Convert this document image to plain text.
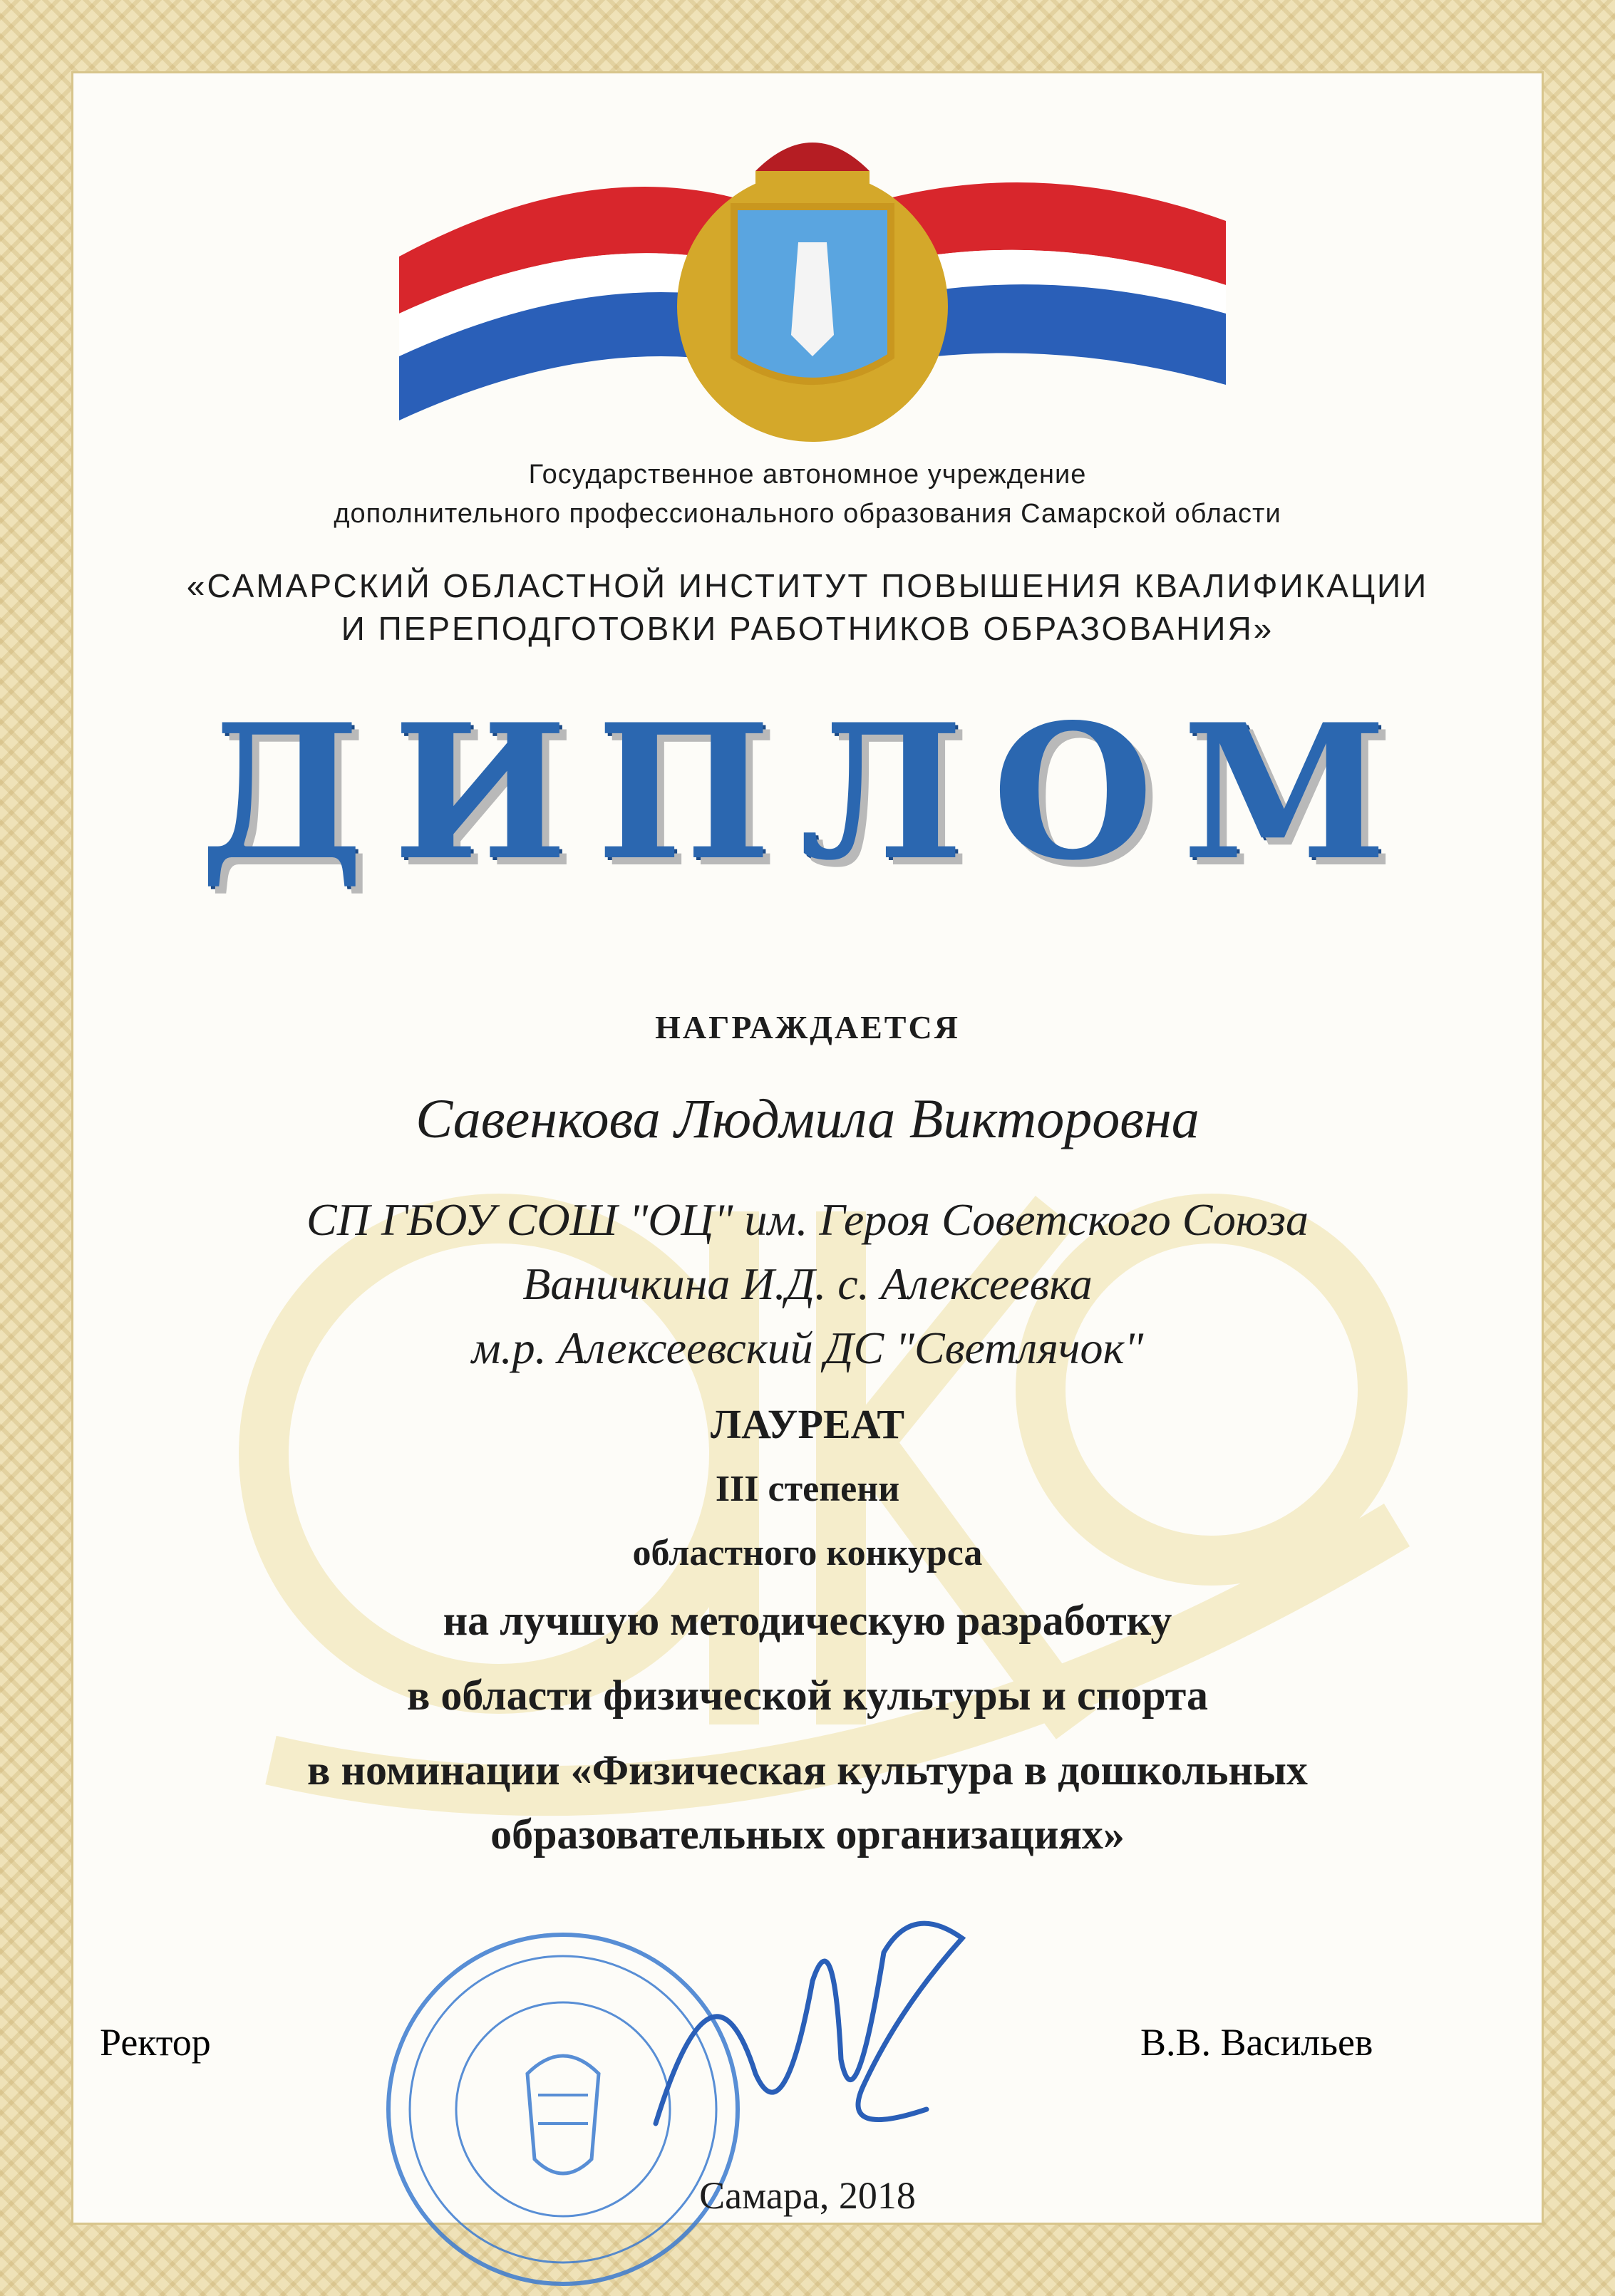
Государственное автономное учреждение

дополнительного профессионального образования Самарской области

«САМАРСКИЙ ОБЛАСТНОЙ ИНСТИТУТ ПОВЫШЕНИЯ КВАЛИФИКАЦИИ

И ПЕРЕПОДГОТОВКИ РАБОТНИКОВ ОБРАЗОВАНИЯ»

ДИПЛОМ

НАГРАЖДАЕТСЯ

Савенкова Людмила Викторовна

СП ГБОУ СОШ "ОЦ" им. Героя Советского Союза

Ваничкина И.Д. с. Алексеевка

м.р. Алексеевский ДС "Светлячок"

ЛАУРЕАТ

III степени

областного конкурса

на лучшую методическую разработку

в области физической культуры и спорта

в номинации «Физическая культура в дошкольных

образовательных организациях»

Ректор	В.В. Васильев

Самара, 2018
